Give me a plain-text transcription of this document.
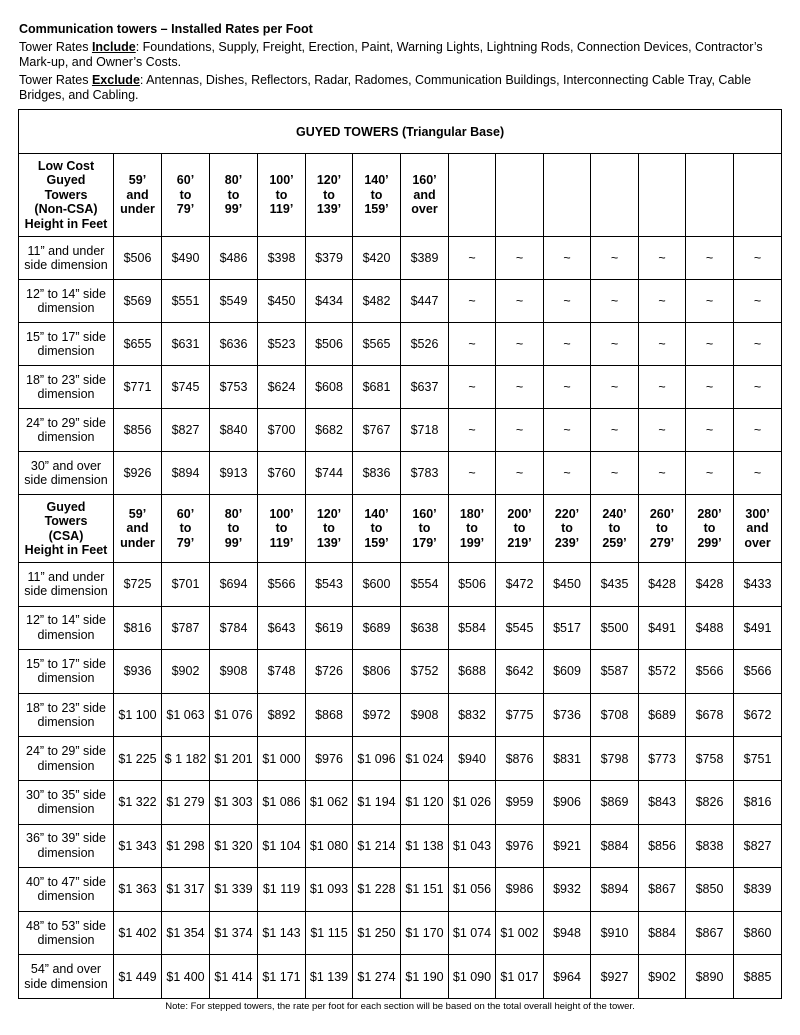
Communication towers – Installed Rates per Foot

Tower Rates Include: Foundations, Supply, Freight, Erection, Paint, Warning Lights, Lightning Rods, Connection Devices, Contractor’s Mark-up, and Owner’s Costs.

Tower Rates Exclude: Antennas, Dishes, Reflectors, Radar, Radomes, Communication Buildings, Interconnecting Cable Tray, Cable Bridges, and Cabling.

GUYED TOWERS (Triangular Base)														
Low Cost
Guyed
Towers
(Non-CSA)
Height in Feet	59’
and
under	60’
to
79’	80’
to
99’	100’
to
119’	120’
to
139’	140’
to
159’	160’
and
over							
11” and under side dimension	$506	$490	$486	$398	$379	$420	$389	~	~	~	~	~	~	~
12” to 14” side dimension	$569	$551	$549	$450	$434	$482	$447	~	~	~	~	~	~	~
15” to 17” side dimension	$655	$631	$636	$523	$506	$565	$526	~	~	~	~	~	~	~
18” to 23” side dimension	$771	$745	$753	$624	$608	$681	$637	~	~	~	~	~	~	~
24” to 29” side dimension	$856	$827	$840	$700	$682	$767	$718	~	~	~	~	~	~	~
30” and over side dimension	$926	$894	$913	$760	$744	$836	$783	~	~	~	~	~	~	~
Guyed
Towers
(CSA)
Height in Feet	59’
and
under	60’
to
79’	80’
to
99’	100’
to
119’	120’
to
139’	140’
to
159’	160’
to
179’	180’
to
199’	200’
to
219’	220’
to
239’	240’
to
259’	260’
to
279’	280’
to
299’	300’
and
over
11” and under side dimension	$725	$701	$694	$566	$543	$600	$554	$506	$472	$450	$435	$428	$428	$433
12” to 14” side dimension	$816	$787	$784	$643	$619	$689	$638	$584	$545	$517	$500	$491	$488	$491
15” to 17” side dimension	$936	$902	$908	$748	$726	$806	$752	$688	$642	$609	$587	$572	$566	$566
18” to 23” side dimension	$1 100	$1 063	$1 076	$892	$868	$972	$908	$832	$775	$736	$708	$689	$678	$672
24” to 29” side dimension	$1 225	$ 1 182	$1 201	$1 000	$976	$1 096	$1 024	$940	$876	$831	$798	$773	$758	$751
30” to 35” side dimension	$1 322	$1 279	$1 303	$1 086	$1 062	$1 194	$1 120	$1 026	$959	$906	$869	$843	$826	$816
36” to 39” side dimension	$1 343	$1 298	$1 320	$1 104	$1 080	$1 214	$1 138	$1 043	$976	$921	$884	$856	$838	$827
40” to 47” side dimension	$1 363	$1 317	$1 339	$1 119	$1 093	$1 228	$1 151	$1 056	$986	$932	$894	$867	$850	$839
48” to 53” side dimension	$1 402	$1 354	$1 374	$1 143	$1 115	$1 250	$1 170	$1 074	$1 002	$948	$910	$884	$867	$860
54” and over side dimension	$1 449	$1 400	$1 414	$1 171	$1 139	$1 274	$1 190	$1 090	$1 017	$964	$927	$902	$890	$885
Note: For stepped towers, the rate per foot for each section will be based on the total overall height of the tower.
